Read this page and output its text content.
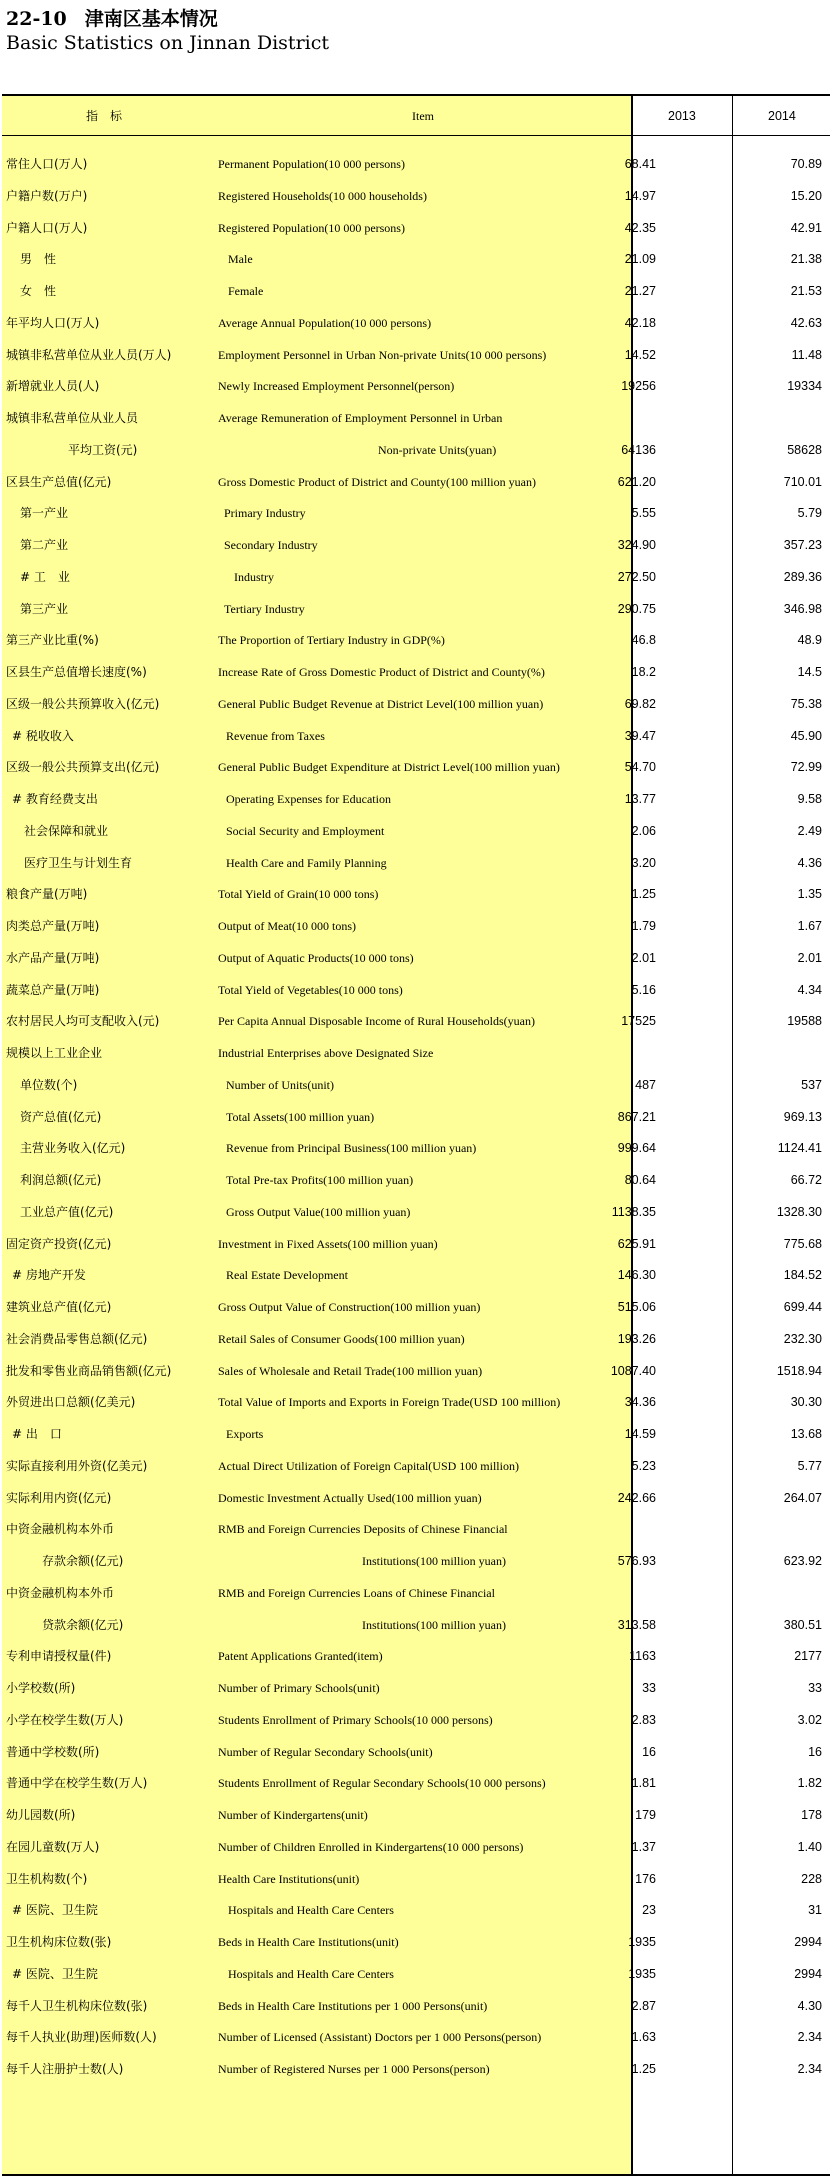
22-10 津南区基本情况
Basic Statistics on Jinnan District
指　标	Item	2013	2014
常住人口(万人)	Permanent Population(10 000 persons)	68.41	70.89
户籍户数(万户)	Registered Households(10 000 households)	14.97	15.20
户籍人口(万人)	Registered Population(10 000 persons)	42.35	42.91
男　性	Male	21.09	21.38
女　性	Female	21.27	21.53
年平均人口(万人)	Average Annual Population(10 000 persons)	42.18	42.63
城镇非私营单位从业人员(万人)	Employment Personnel in Urban Non-private Units(10 000 persons)	14.52	11.48
新增就业人员(人)	Newly Increased Employment Personnel(person)	19256	19334
城镇非私营单位从业人员	Average Remuneration of Employment Personnel in Urban
平均工资(元)	Non-private Units(yuan)	64136	58628
区县生产总值(亿元)	Gross Domestic Product of District and County(100 million yuan)	621.20	710.01
第一产业	Primary Industry	5.55	5.79
第二产业	Secondary Industry	324.90	357.23
# 工　业	Industry	272.50	289.36
第三产业	Tertiary Industry	290.75	346.98
第三产业比重(%)	The Proportion of Tertiary Industry in GDP(%)	46.8	48.9
区县生产总值增长速度(%)	Increase Rate of Gross Domestic Product of District and County(%)	18.2	14.5
区级一般公共预算收入(亿元)	General Public Budget Revenue at District Level(100 million yuan)	69.82	75.38
# 税收收入	Revenue from Taxes	39.47	45.90
区级一般公共预算支出(亿元)	General Public Budget Expenditure at District Level(100 million yuan)	54.70	72.99
# 教育经费支出	Operating Expenses for Education	13.77	9.58
社会保障和就业	Social Security and Employment	2.06	2.49
医疗卫生与计划生育	Health Care and Family Planning	3.20	4.36
粮食产量(万吨)	Total Yield of Grain(10 000 tons)	1.25	1.35
肉类总产量(万吨)	Output of Meat(10 000 tons)	1.79	1.67
水产品产量(万吨)	Output of Aquatic Products(10 000 tons)	2.01	2.01
蔬菜总产量(万吨)	Total Yield of Vegetables(10 000 tons)	5.16	4.34
农村居民人均可支配收入(元)	Per Capita Annual Disposable Income of Rural Households(yuan)	17525	19588
规模以上工业企业	Industrial Enterprises above Designated Size
单位数(个)	Number of Units(unit)	487	537
资产总值(亿元)	Total Assets(100 million yuan)	867.21	969.13
主营业务收入(亿元)	Revenue from Principal Business(100 million yuan)	999.64	1124.41
利润总额(亿元)	Total Pre-tax Profits(100 million yuan)	80.64	66.72
工业总产值(亿元)	Gross Output Value(100 million yuan)	1138.35	1328.30
固定资产投资(亿元)	Investment in Fixed Assets(100 million yuan)	625.91	775.68
# 房地产开发	Real Estate Development	146.30	184.52
建筑业总产值(亿元)	Gross Output Value of Construction(100 million yuan)	515.06	699.44
社会消费品零售总额(亿元)	Retail Sales of Consumer Goods(100 million yuan)	193.26	232.30
批发和零售业商品销售额(亿元)	Sales of Wholesale and Retail Trade(100 million yuan)	1087.40	1518.94
外贸进出口总额(亿美元)	Total Value of Imports and Exports in Foreign Trade(USD 100 million)	34.36	30.30
# 出　口	Exports	14.59	13.68
实际直接利用外资(亿美元)	Actual Direct Utilization of Foreign Capital(USD 100 million)	5.23	5.77
实际利用内资(亿元)	Domestic Investment Actually Used(100 million yuan)	242.66	264.07
中资金融机构本外币	RMB and Foreign Currencies Deposits of Chinese Financial
存款余额(亿元)	Institutions(100 million yuan)	576.93	623.92
中资金融机构本外币	RMB and Foreign Currencies Loans of Chinese Financial
贷款余额(亿元)	Institutions(100 million yuan)	313.58	380.51
专利申请授权量(件)	Patent Applications Granted(item)	1163	2177
小学校数(所)	Number of Primary Schools(unit)	33	33
小学在校学生数(万人)	Students Enrollment of Primary Schools(10 000 persons)	2.83	3.02
普通中学校数(所)	Number of Regular Secondary Schools(unit)	16	16
普通中学在校学生数(万人)	Students Enrollment of Regular Secondary Schools(10 000 persons)	1.81	1.82
幼儿园数(所)	Number of Kindergartens(unit)	179	178
在园儿童数(万人)	Number of Children Enrolled in Kindergartens(10 000 persons)	1.37	1.40
卫生机构数(个)	Health Care Institutions(unit)	176	228
# 医院、卫生院	Hospitals and Health Care Centers	23	31
卫生机构床位数(张)	Beds in Health Care Institutions(unit)	1935	2994
# 医院、卫生院	Hospitals and Health Care Centers	1935	2994
每千人卫生机构床位数(张)	Beds in Health Care Institutions per 1 000 Persons(unit)	2.87	4.30
每千人执业(助理)医师数(人)	Number of Licensed (Assistant) Doctors per 1 000 Persons(person)	1.63	2.34
每千人注册护士数(人)	Number of Registered Nurses per 1 000 Persons(person)	1.25	2.34
